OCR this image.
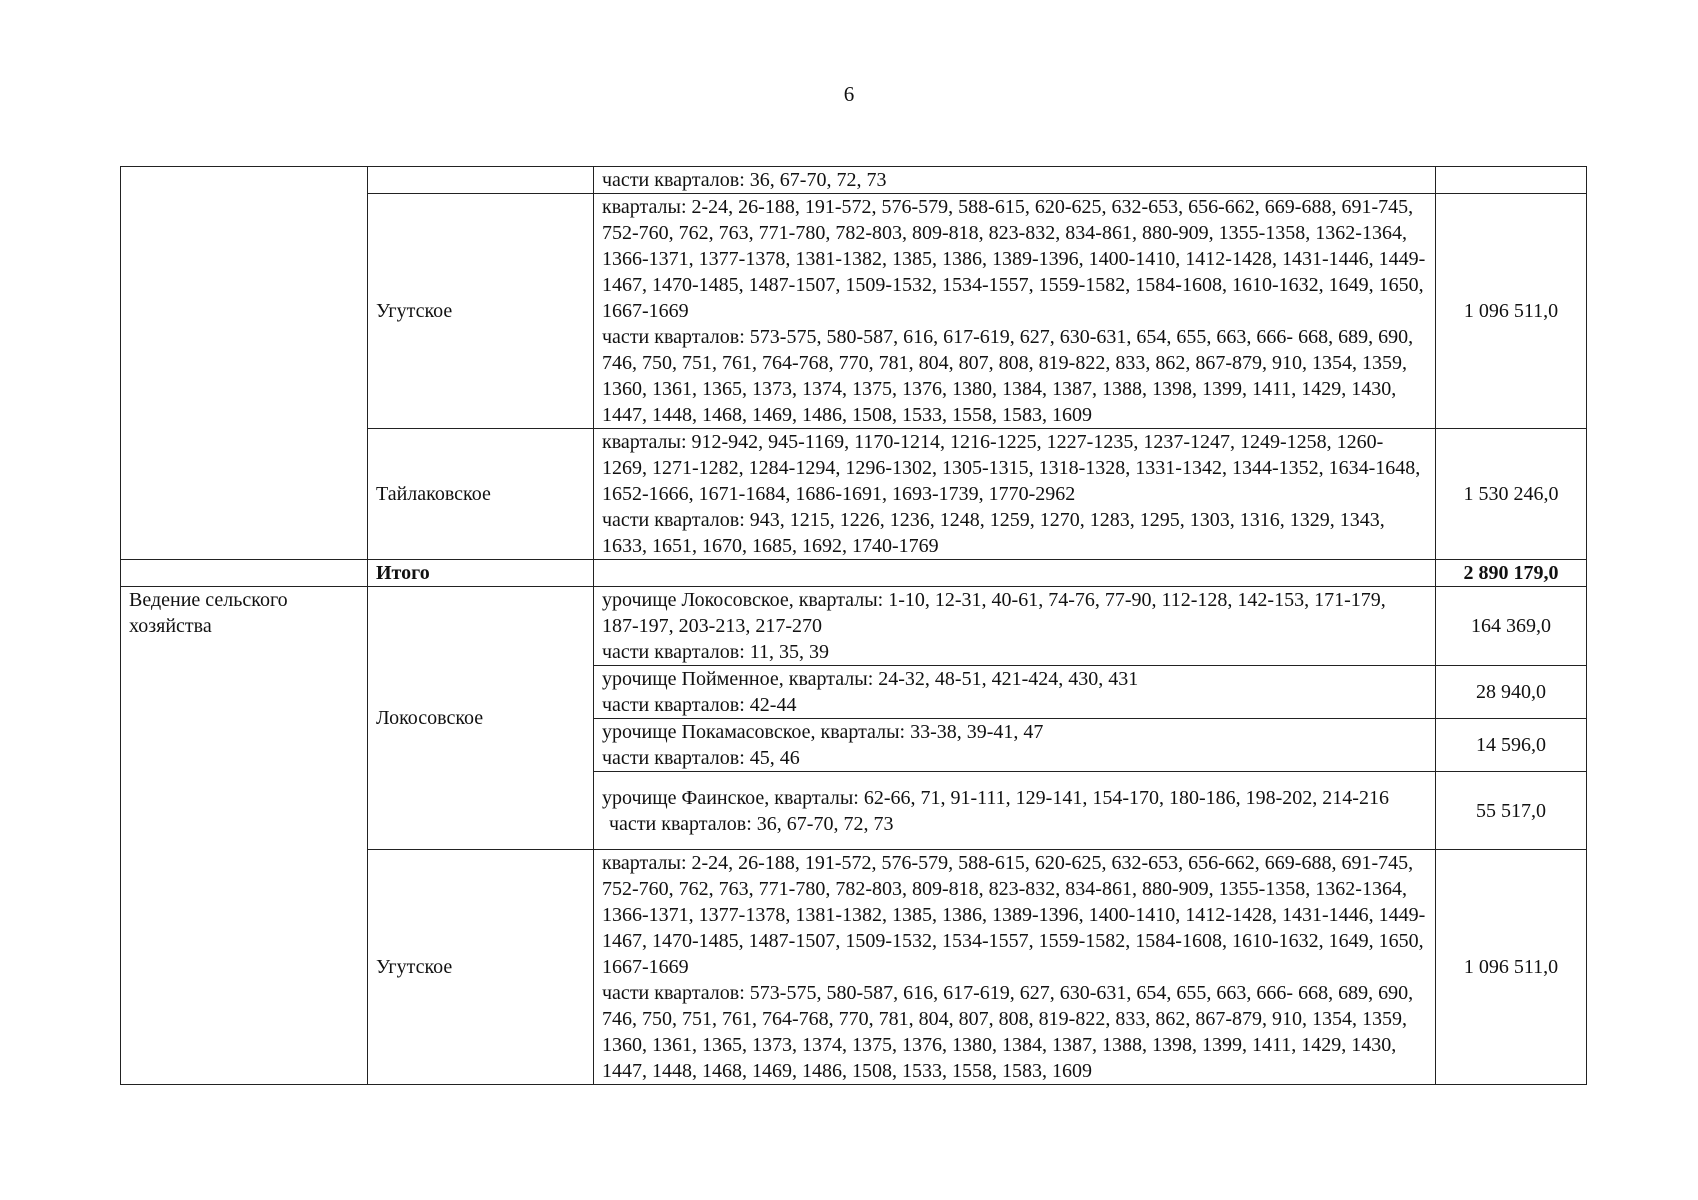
6

		части кварталов: 36, 67-70, 72, 73	

	Угутское	кварталы: 2-24, 26-188, 191-572, 576-579, 588-615, 620-625, 632-653, 656-662, 669-688, 691-745, 752-760, 762, 763, 771-780, 782-803, 809-818, 823-832, 834-861, 880-909, 1355-1358, 1362-1364, 1366-1371, 1377-1378, 1381-1382, 1385, 1386, 1389-1396, 1400-1410, 1412-1428, 1431-1446, 1449-1467, 1470-1485, 1487-1507, 1509-1532, 1534-1557, 1559-1582, 1584-1608, 1610-1632, 1649, 1650, 1667-1669
части кварталов: 573-575, 580-587, 616, 617-619, 627, 630-631, 654, 655, 663, 666- 668, 689, 690, 746, 750, 751, 761, 764-768, 770, 781, 804, 807, 808, 819-822, 833, 862, 867-879, 910, 1354, 1359, 1360, 1361, 1365, 1373, 1374, 1375, 1376, 1380, 1384, 1387, 1388, 1398, 1399, 1411, 1429, 1430, 1447, 1448, 1468, 1469, 1486, 1508, 1533, 1558, 1583, 1609	1 096 511,0
	Тайлаковское	кварталы: 912-942, 945-1169, 1170-1214, 1216-1225, 1227-1235, 1237-1247, 1249-1258, 1260-1269, 1271-1282, 1284-1294, 1296-1302, 1305-1315, 1318-1328, 1331-1342, 1344-1352, 1634-1648, 1652-1666, 1671-1684, 1686-1691, 1693-1739, 1770-2962
части кварталов: 943, 1215, 1226, 1236, 1248, 1259, 1270, 1283, 1295, 1303, 1316, 1329, 1343, 1633, 1651, 1670, 1685, 1692, 1740-1769	1 530 246,0
	Итого		2 890 179,0
Ведение сельского хозяйства	Локосовское	урочище Локосовское, кварталы: 1-10, 12-31, 40-61, 74-76, 77-90, 112-128, 142-153, 171-179, 187-197, 203-213, 217-270
части кварталов: 11, 35, 39	164 369,0

		урочище Пойменное, кварталы: 24-32, 48-51, 421-424, 430, 431
части кварталов: 42-44	28 940,0

		урочище Покамасовское, кварталы: 33-38, 39-41, 47
части кварталов: 45, 46	14 596,0

		урочище Фаинское, кварталы: 62-66, 71, 91-111, 129-141, 154-170, 180-186, 198-202, 214-216
части кварталов: 36, 67-70, 72, 73	55 517,0
	Угутское	кварталы: 2-24, 26-188, 191-572, 576-579, 588-615, 620-625, 632-653, 656-662, 669-688, 691-745, 752-760, 762, 763, 771-780, 782-803, 809-818, 823-832, 834-861, 880-909, 1355-1358, 1362-1364, 1366-1371, 1377-1378, 1381-1382, 1385, 1386, 1389-1396, 1400-1410, 1412-1428, 1431-1446, 1449-1467, 1470-1485, 1487-1507, 1509-1532, 1534-1557, 1559-1582, 1584-1608, 1610-1632, 1649, 1650, 1667-1669
части кварталов: 573-575, 580-587, 616, 617-619, 627, 630-631, 654, 655, 663, 666- 668, 689, 690, 746, 750, 751, 761, 764-768, 770, 781, 804, 807, 808, 819-822, 833, 862, 867-879, 910, 1354, 1359, 1360, 1361, 1365, 1373, 1374, 1375, 1376, 1380, 1384, 1387, 1388, 1398, 1399, 1411, 1429, 1430, 1447, 1448, 1468, 1469, 1486, 1508, 1533, 1558, 1583, 1609	1 096 511,0
